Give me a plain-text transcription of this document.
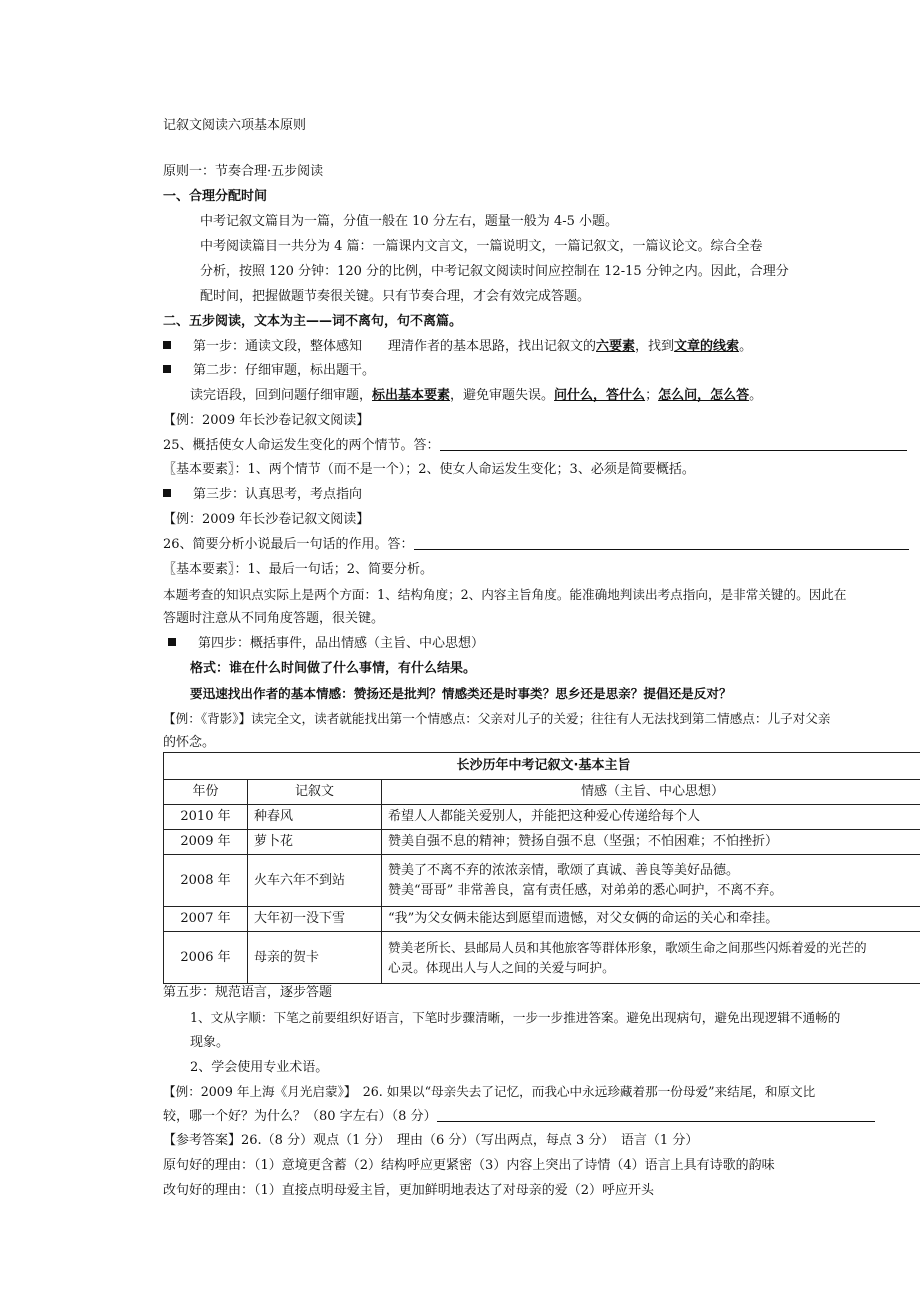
记叙文阅读六项基本原则
原则一：节奏合理·五步阅读
一、合理分配时间
中考记叙文篇目为一篇，分值一般在 10 分左右，题量一般为 4-5 小题。
中考阅读篇目一共分为 4 篇：一篇课内文言文，一篇说明文，一篇记叙文，一篇议论文。综合全卷
分析，按照 120 分钟：120 分的比例，中考记叙文阅读时间应控制在 12-15 分钟之内。因此，合理分
配时间，把握做题节奏很关键。只有节奏合理，才会有效完成答题。
二、五步阅读，文本为主——词不离句，句不离篇。
第一步：通读文段，整体感知　　理清作者的基本思路，找出记叙文的六要素，找到文章的线索。
第二步：仔细审题，标出题干。
读完语段，回到问题仔细审题，标出基本要素，避免审题失误。问什么，答什么；怎么问，怎么答。
【例：2009 年长沙卷记叙文阅读】
25、概括使女人命运发生变化的两个情节。答：
〖基本要素〗：1、两个情节（而不是一个）；2、使女人命运发生变化；3、必须是简要概括。
第三步：认真思考，考点指向
【例：2009 年长沙卷记叙文阅读】
26、简要分析小说最后一句话的作用。答：
〖基本要素〗：1、最后一句话；2、简要分析。
本题考查的知识点实际上是两个方面：1、结构角度；2、内容主旨角度。能准确地判读出考点指向，是非常关键的。因此在
答题时注意从不同角度答题，很关键。
第四步：概括事件，品出情感（主旨、中心思想）
格式：谁在什么时间做了什么事情，有什么结果。
要迅速找出作者的基本情感：赞扬还是批判？情感类还是时事类？思乡还是思亲？提倡还是反对？
【例：《背影》】读完全文，读者就能找出第一个情感点：父亲对儿子的关爱；往往有人无法找到第二情感点：儿子对父亲
的怀念。
长沙历年中考记叙文·基本主旨		
年份	记叙文	情感（主旨、中心思想）
2010 年	种春风	希望人人都能关爱别人，并能把这种爱心传递给每个人
2009 年	萝卜花	赞美自强不息的精神；赞扬自强不息（坚强；不怕困难；不怕挫折）
2008 年	火车六年不到站	赞美了不离不弃的浓浓亲情，歌颂了真诚、善良等美好品德。
赞美“哥哥” 非常善良，富有责任感，对弟弟的悉心呵护，不离不弃。

2007 年	大年初一没下雪	“我”为父女俩未能达到愿望而遗憾，对父女俩的命运的关心和牵挂。
2006 年	母亲的贺卡	赞美老所长、县邮局人员和其他旅客等群体形象，歌颂生命之间那些闪烁着爱的光芒的
心灵。体现出人与人之间的关爱与呵护。
第五步：规范语言，逐步答题
1、文从字顺：下笔之前要组织好语言，下笔时步骤清晰，一步一步推进答案。避免出现病句，避免出现逻辑不通畅的
现象。
2、学会使用专业术语。
【例：2009 年上海《月光启蒙》】　26. 如果以“母亲失去了记忆，而我心中永远珍藏着那一份母爱”来结尾，和原文比
较，哪一个好？为什么？（80 字左右）（8 分）
【参考答案】26.（8 分）观点（1 分）　理由（6 分）（写出两点，每点 3 分）　语言（1 分）
原句好的理由：（1）意境更含蓄（2）结构呼应更紧密（3）内容上突出了诗情（4）语言上具有诗歌的韵味
改句好的理由：（1）直接点明母爱主旨，更加鲜明地表达了对母亲的爱（2）呼应开头
